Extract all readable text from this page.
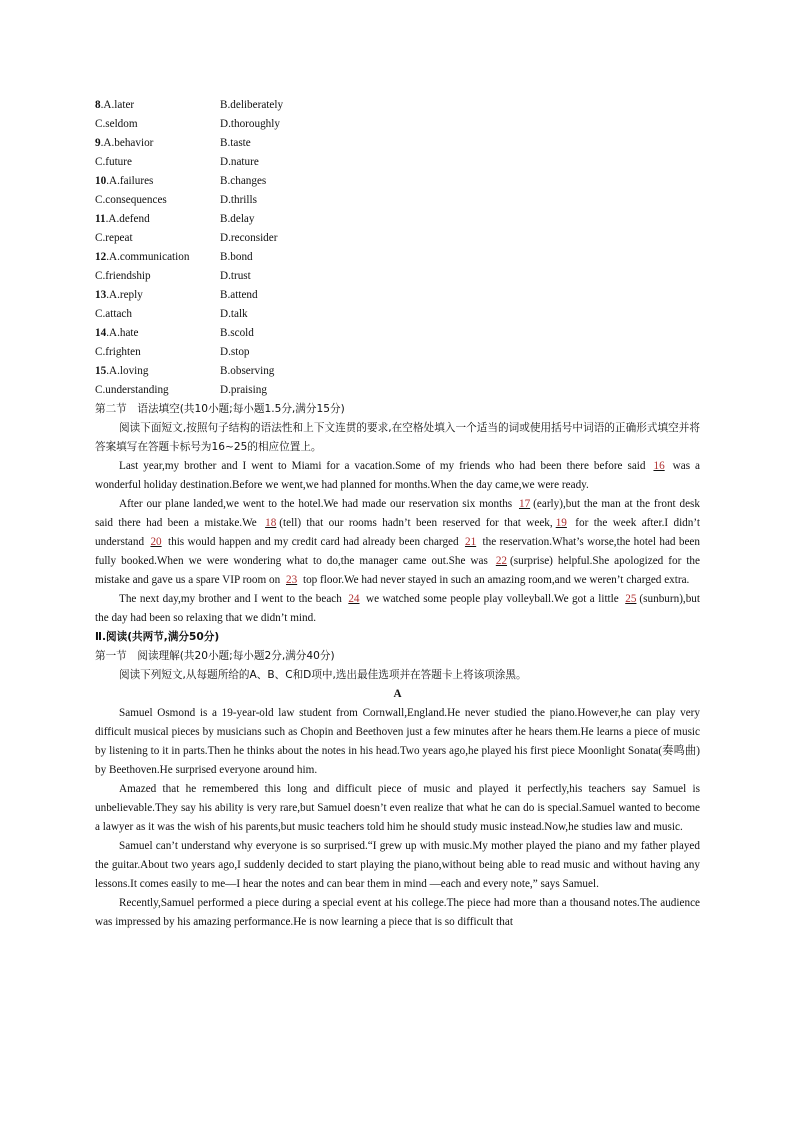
8.A.later	B.deliberately
C.seldom	D.thoroughly
9.A.behavior	B.taste
C.future	D.nature
10.A.failures	B.changes
C.consequences	D.thrills
11.A.defend	B.delay
C.repeat	D.reconsider
12.A.communication	B.bond
C.friendship	D.trust
13.A.reply	B.attend
C.attach	D.talk
14.A.hate	B.scold
C.frighten	D.stop
15.A.loving	B.observing
C.understanding	D.praising
第二节　语法填空(共10小题;每小题1.5分,满分15分)
阅读下面短文,按照句子结构的语法性和上下文连贯的要求,在空格处填入一个适当的词或使用括号中词语的正确形式填空并将答案填写在答题卡标号为16~25的相应位置上。

Last year,my brother and I went to Miami for a vacation.Some of my friends who had been there before said 16 was a wonderful holiday destination.Before we went,we had planned for months.When the day came,we were ready.

After our plane landed,we went to the hotel.We had made our reservation six months 17 (early),but the man at the front desk said there had been a mistake.We 18 (tell) that our rooms hadn’t been reserved for that week, 19 for the week after.I didn’t understand 20 this would happen and my credit card had already been charged 21 the reservation.What’s worse,the hotel had been fully booked.When we were wondering what to do,the manager came out.She was 22 (surprise) helpful.She apologized for the mistake and gave us a spare VIP room on 23 top floor.We had never stayed in such an amazing room,and we weren’t charged extra.

The next day,my brother and I went to the beach 24 we watched some people play volleyball.We got a little 25 (sunburn),but the day had been so relaxing that we didn’t mind.

Ⅱ.阅读(共两节,满分50分)
第一节　阅读理解(共20小题;每小题2分,满分40分)
阅读下列短文,从每题所给的A、B、C和D项中,选出最佳选项并在答题卡上将该项涂黑。
A

Samuel Osmond is a 19-year-old law student from Cornwall,England.He never studied the piano.However,he can play very difficult musical pieces by musicians such as Chopin and Beethoven just a few minutes after he hears them.He learns a piece of music by listening to it in parts.Then he thinks about the notes in his head.Two years ago,he played his first piece Moonlight Sonata(奏鸣曲) by Beethoven.He surprised everyone around him.

Amazed that he remembered this long and difficult piece of music and played it perfectly,his teachers say Samuel is unbelievable.They say his ability is very rare,but Samuel doesn’t even realize that what he can do is special.Samuel wanted to become a lawyer as it was the wish of his parents,but music teachers told him he should study music instead.Now,he studies law and music.

Samuel can’t understand why everyone is so surprised.“I grew up with music.My mother played the piano and my father played the guitar.About two years ago,I suddenly decided to start playing the piano,without being able to read music and without having any lessons.It comes easily to me—I hear the notes and can bear them in mind —each and every note,” says Samuel.

Recently,Samuel performed a piece during a special event at his college.The piece had more than a thousand notes.The audience was impressed by his amazing performance.He is now learning a piece that is so difficult that
